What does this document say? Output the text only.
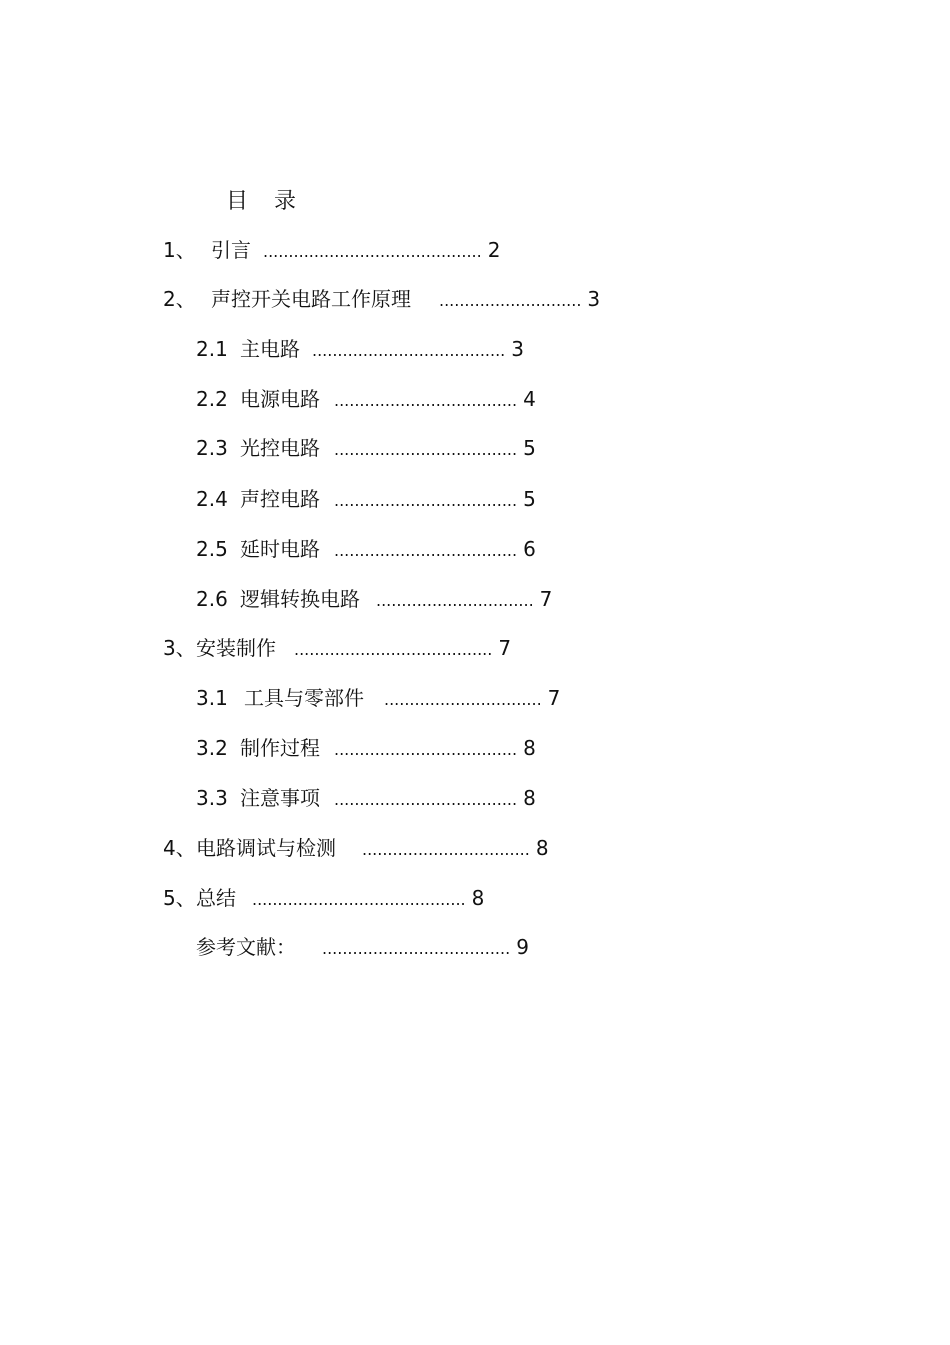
目 录
1、 引言 ........................................... 2
2、 声控开关电路工作原理 ............................ 3
2.1 主电路 ...................................... 3
2.2 电源电路 .................................... 4
2.3 光控电路 .................................... 5
2.4 声控电路 .................................... 5
2.5 延时电路 .................................... 6
2.6 逻辑转换电路 ............................... 7
3、安装制作 ....................................... 7
3.1 工具与零部件 ............................... 7
3.2 制作过程 .................................... 8
3.3 注意事项 .................................... 8
4、电路调试与检测 ................................. 8
5、总结 .......................................... 8
参考文献： ..................................... 9
